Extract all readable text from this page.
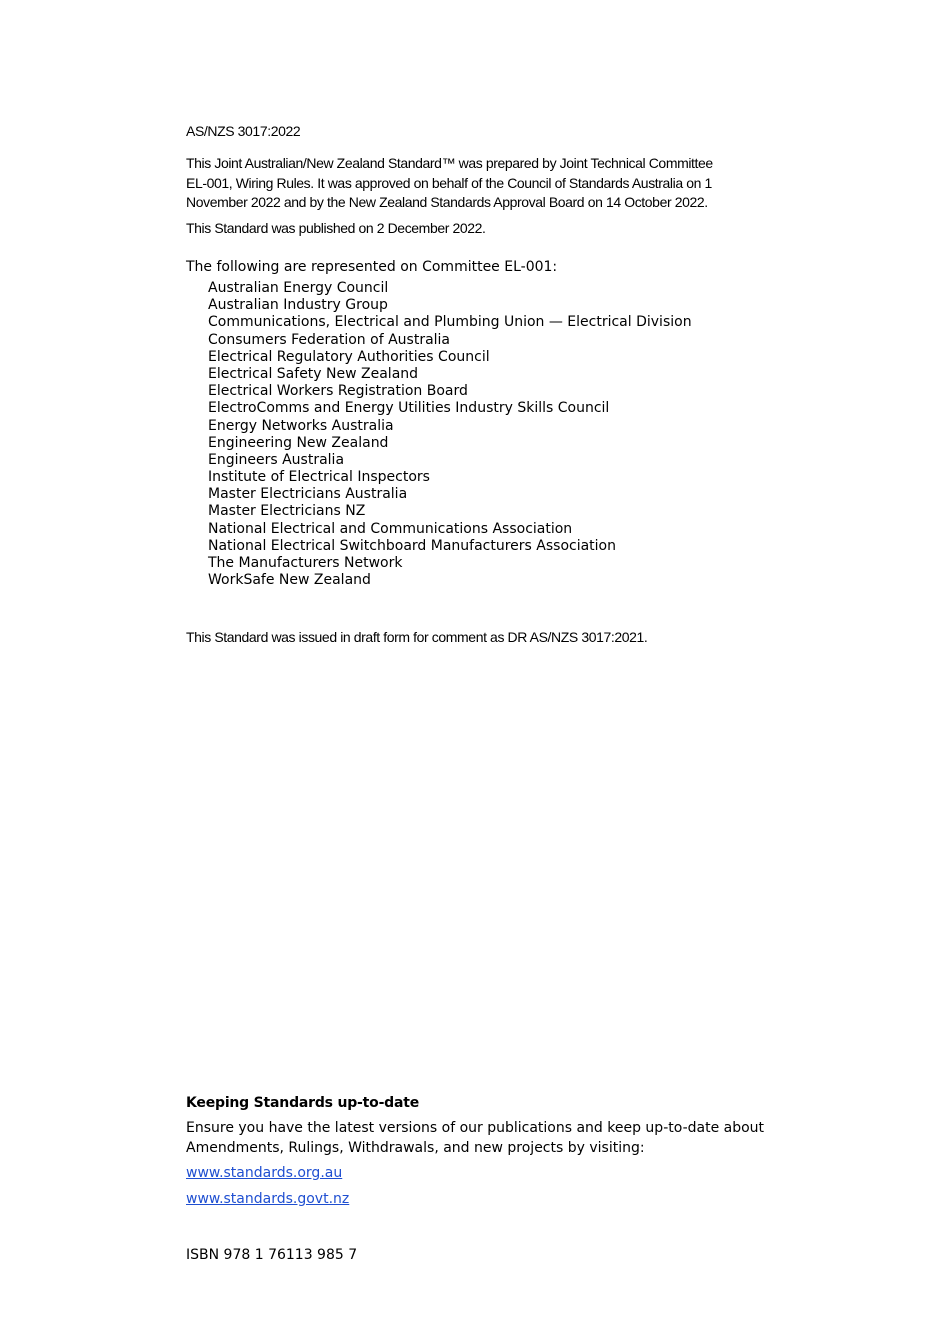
AS/NZS 3017:2022
This Joint Australian/New Zealand Standard™ was prepared by Joint Technical Committee
EL-001, Wiring Rules. It was approved on behalf of the Council of Standards Australia on 1
November 2022 and by the New Zealand Standards Approval Board on 14 October 2022.
This Standard was published on 2 December 2022.
The following are represented on Committee EL-001:
Australian Energy Council
Australian Industry Group
Communications, Electrical and Plumbing Union — Electrical Division
Consumers Federation of Australia
Electrical Regulatory Authorities Council
Electrical Safety New Zealand
Electrical Workers Registration Board
ElectroComms and Energy Utilities Industry Skills Council
Energy Networks Australia
Engineering New Zealand
Engineers Australia
Institute of Electrical Inspectors
Master Electricians Australia
Master Electricians NZ
National Electrical and Communications Association
National Electrical Switchboard Manufacturers Association
The Manufacturers Network
WorkSafe New Zealand
This Standard was issued in draft form for comment as DR AS/NZS 3017:2021.
Keeping Standards up-to-date
Ensure you have the latest versions of our publications and keep up-to-date about
Amendments, Rulings, Withdrawals, and new projects by visiting:
www.standards.org.au
www.standards.govt.nz
ISBN 978 1 76113 985 7
